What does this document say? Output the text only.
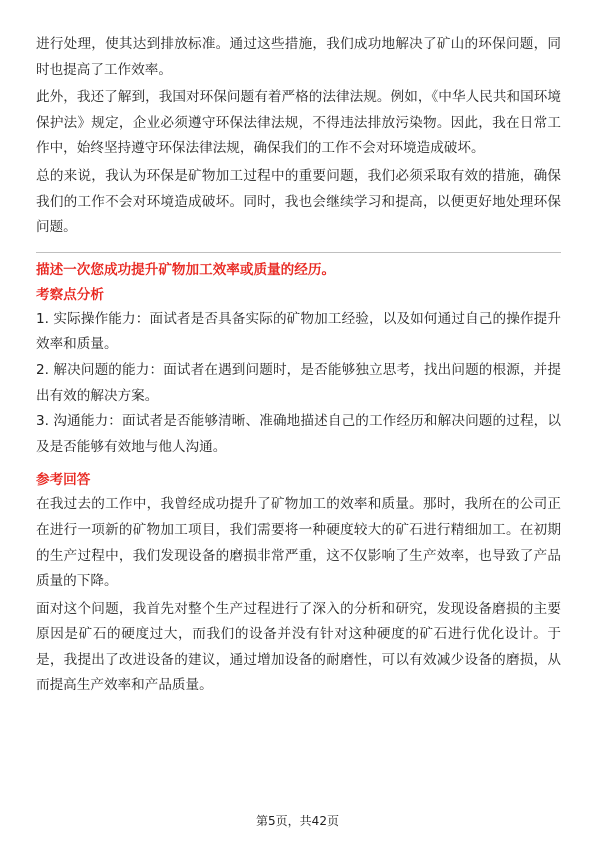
进行处理，使其达到排放标准。通过这些措施，我们成功地解决了矿山的环保问题，同时也提高了工作效率。

此外，我还了解到，我国对环保问题有着严格的法律法规。例如，《中华人民共和国环境保护法》规定，企业必须遵守环保法律法规，不得违法排放污染物。因此，我在日常工作中，始终坚持遵守环保法律法规，确保我们的工作不会对环境造成破坏。

总的来说，我认为环保是矿物加工过程中的重要问题，我们必须采取有效的措施，确保我们的工作不会对环境造成破坏。同时，我也会继续学习和提高，以便更好地处理环保问题。

描述一次您成功提升矿物加工效率或质量的经历。

考察点分析

1. 实际操作能力：面试者是否具备实际的矿物加工经验，以及如何通过自己的操作提升效率和质量。

2. 解决问题的能力：面试者在遇到问题时，是否能够独立思考，找出问题的根源，并提出有效的解决方案。

3. 沟通能力：面试者是否能够清晰、准确地描述自己的工作经历和解决问题的过程，以及是否能够有效地与他人沟通。

参考回答

在我过去的工作中，我曾经成功提升了矿物加工的效率和质量。那时，我所在的公司正在进行一项新的矿物加工项目，我们需要将一种硬度较大的矿石进行精细加工。在初期的生产过程中，我们发现设备的磨损非常严重，这不仅影响了生产效率，也导致了产品质量的下降。

面对这个问题，我首先对整个生产过程进行了深入的分析和研究，发现设备磨损的主要原因是矿石的硬度过大，而我们的设备并没有针对这种硬度的矿石进行优化设计。于是，我提出了改进设备的建议，通过增加设备的耐磨性，可以有效减少设备的磨损，从而提高生产效率和产品质量。

第5页，共42页
